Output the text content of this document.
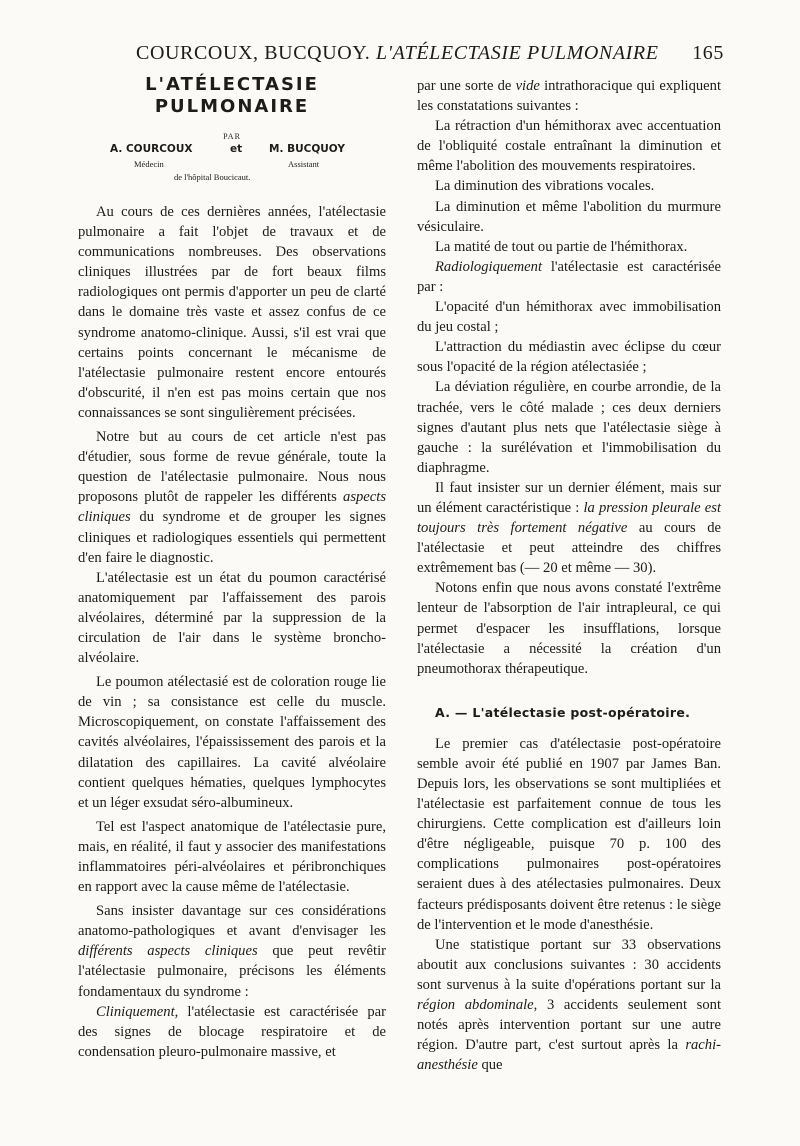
COURCOUX, BUCQUOY. L'ATÉLECTASIE PULMONAIRE 165
L'ATÉLECTASIE
PULMONAIRE
PAR
A. COURCOUX	et	M. BUCQUOY
Médecin	Assistant
de l'hôpital Boucicaut.

Au cours de ces dernières années, l'atélectasie pulmonaire a fait l'objet de travaux et de communications nombreuses. Des observations cliniques illustrées par de fort beaux films radiologiques ont permis d'apporter un peu de clarté dans le domaine très vaste et assez confus de ce syndrome anatomo-clinique. Aussi, s'il est vrai que certains points concernant le mécanisme de l'atélectasie pulmonaire restent encore entourés d'obscurité, il n'en est pas moins certain que nos connaissances se sont singulièrement précisées.

Notre but au cours de cet article n'est pas d'étudier, sous forme de revue générale, toute la question de l'atélectasie pulmonaire. Nous nous proposons plutôt de rappeler les différents aspects cliniques du syndrome et de grouper les signes cliniques et radiologiques essentiels qui permettent d'en faire le diagnostic.

L'atélectasie est un état du poumon caractérisé anatomiquement par l'affaissement des parois alvéolaires, déterminé par la suppression de la circulation de l'air dans le système broncho-alvéolaire.

Le poumon atélectasié est de coloration rouge lie de vin ; sa consistance est celle du muscle. Microscopiquement, on constate l'affaissement des cavités alvéolaires, l'épaississement des parois et la dilatation des capillaires. La cavité alvéolaire contient quelques hématies, quelques lymphocytes et un léger exsudat séro-albumineux.

Tel est l'aspect anatomique de l'atélectasie pure, mais, en réalité, il faut y associer des manifestations inflammatoires péri-alvéolaires et péribronchiques en rapport avec la cause même de l'atélectasie.

Sans insister davantage sur ces considérations anatomo-pathologiques et avant d'envisager les différents aspects cliniques que peut revêtir l'atélectasie pulmonaire, précisons les éléments fondamentaux du syndrome :

Cliniquement, l'atélectasie est caractérisée par des signes de blocage respiratoire et de condensation pleuro-pulmonaire massive, et

par une sorte de vide intrathoracique qui expliquent les constatations suivantes :

La rétraction d'un hémithorax avec accentuation de l'obliquité costale entraînant la diminution et même l'abolition des mouvements respiratoires.

La diminution des vibrations vocales.

La diminution et même l'abolition du murmure vésiculaire.

La matité de tout ou partie de l'hémithorax.

Radiologiquement l'atélectasie est caractérisée par :

L'opacité d'un hémithorax avec immobilisation du jeu costal ;

L'attraction du médiastin avec éclipse du cœur sous l'opacité de la région atélectasiée ;

La déviation régulière, en courbe arrondie, de la trachée, vers le côté malade ; ces deux derniers signes d'autant plus nets que l'atélectasie siège à gauche : la surélévation et l'immobilisation du diaphragme.

Il faut insister sur un dernier élément, mais sur un élément caractéristique : la pression pleurale est toujours très fortement négative au cours de l'atélectasie et peut atteindre des chiffres extrêmement bas (— 20 et même — 30).

Notons enfin que nous avons constaté l'extrême lenteur de l'absorption de l'air intrapleural, ce qui permet d'espacer les insufflations, lorsque l'atélectasie a nécessité la création d'un pneumothorax thérapeutique.

A. — L'atélectasie post-opératoire.

Le premier cas d'atélectasie post-opératoire semble avoir été publié en 1907 par James Ban. Depuis lors, les observations se sont multipliées et l'atélectasie est parfaitement connue de tous les chirurgiens. Cette complication est d'ailleurs loin d'être négligeable, puisque 70 p. 100 des complications pulmonaires post-opératoires seraient dues à des atélectasies pulmonaires. Deux facteurs prédisposants doivent être retenus : le siège de l'intervention et le mode d'anesthésie.

Une statistique portant sur 33 observations aboutit aux conclusions suivantes : 30 accidents sont survenus à la suite d'opérations portant sur la région abdominale, 3 accidents seulement sont notés après intervention portant sur une autre région. D'autre part, c'est surtout après la rachi-anesthésie que
